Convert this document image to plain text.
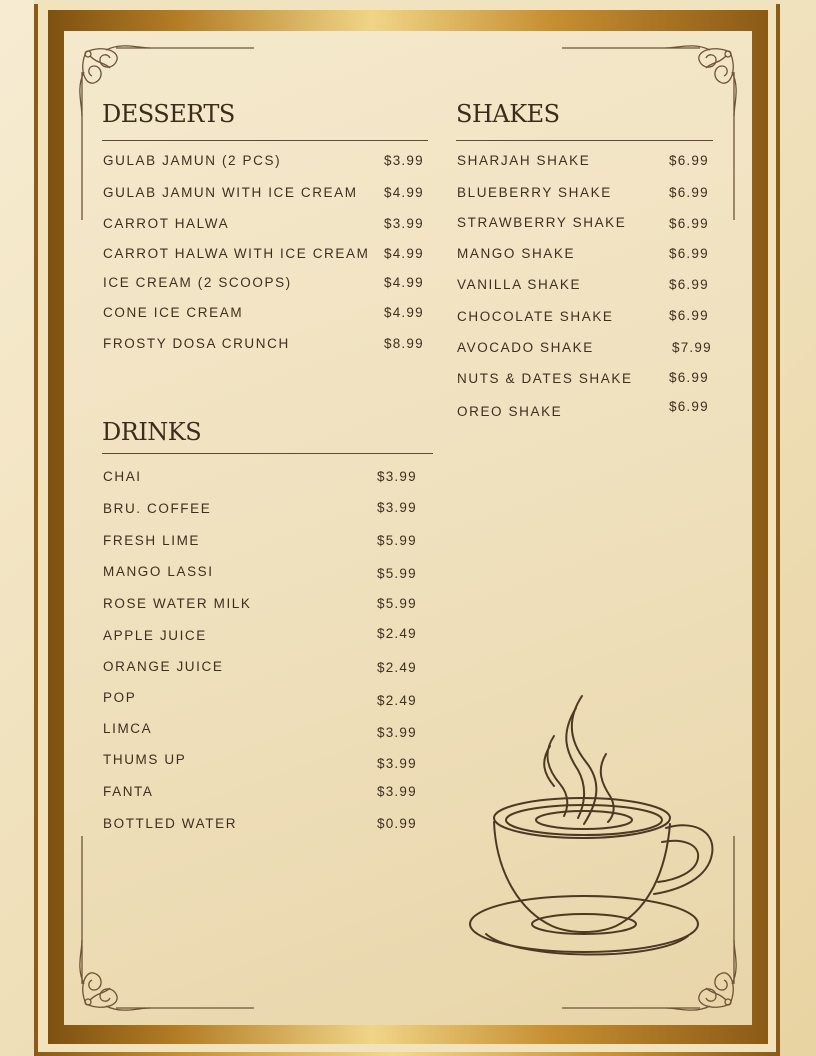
DESSERTS	SHAKES
DRINKS
GULAB JAMUN (2 PCS)	$3.99
GULAB JAMUN WITH ICE CREAM $4.99
CARROT HALWA	$3.99
CARROT HALWA WITH ICE CREAM $4.99
ICE CREAM (2 SCOOPS)	$4.99
CONE ICE CREAM	$4.99
FROSTY DOSA CRUNCH	$8.99
SHARJAH SHAKE	$6.99
BLUEBERRY SHAKE	$6.99
STRAWBERRY SHAKE	$6.99
MANGO SHAKE	$6.99
VANILLA SHAKE	$6.99
CHOCOLATE SHAKE	$6.99
AVOCADO SHAKE	$7.99
NUTS & DATES SHAKE	$6.99
OREO SHAKE	$6.99
CHAI	$3.99
BRU. COFFEE	$3.99
FRESH LIME	$5.99
MANGO LASSI	$5.99
ROSE WATER MILK	$5.99
APPLE JUICE	$2.49
ORANGE JUICE	$2.49
POP	$2.49
LIMCA	$3.99
THUMS UP	$3.99
FANTA	$3.99
BOTTLED WATER	$0.99
